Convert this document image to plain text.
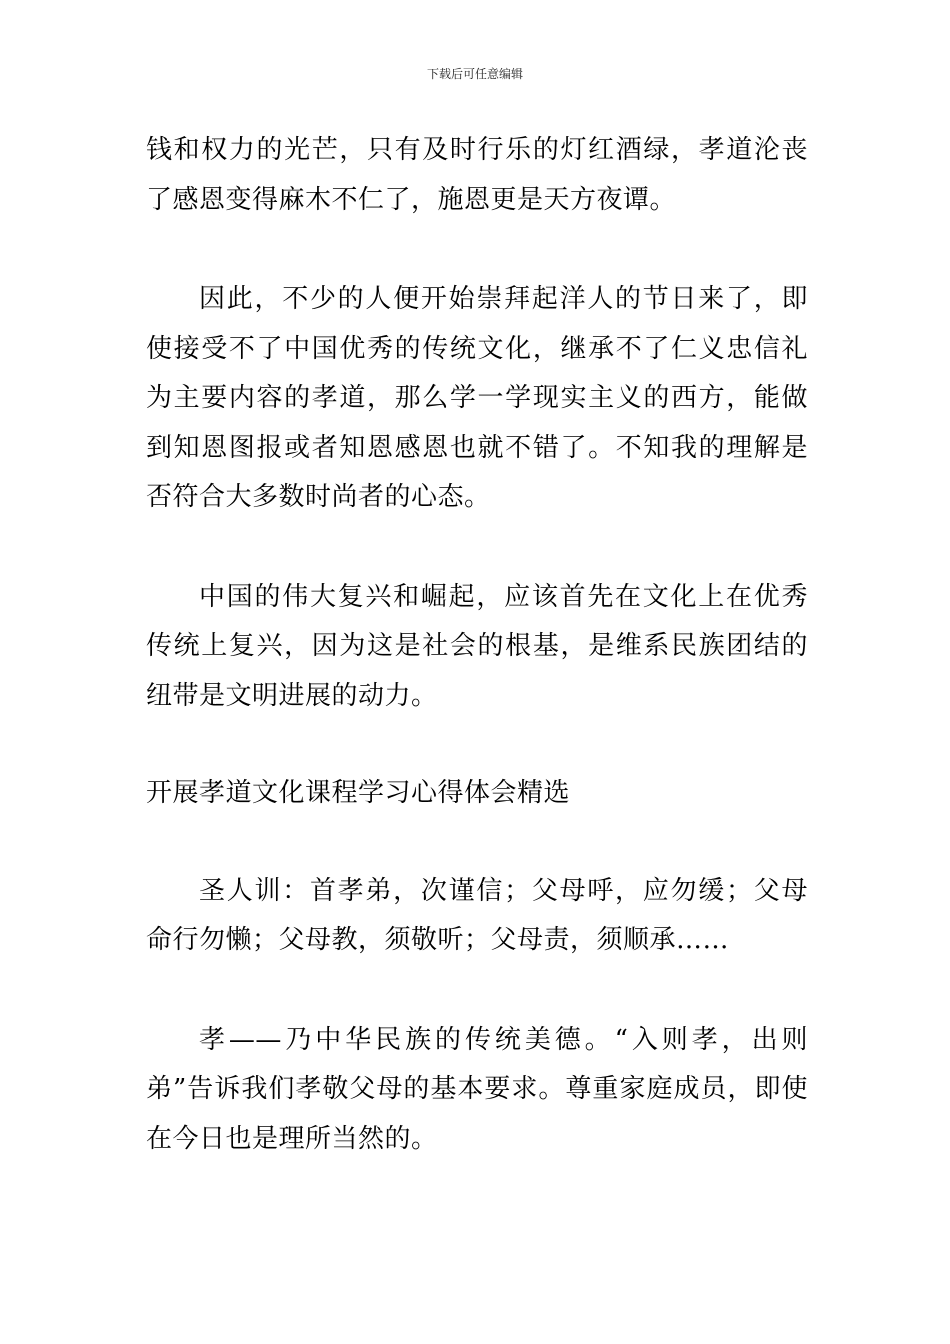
下载后可任意编辑

钱和权力的光芒，只有及时行乐的灯红酒绿，孝道沦丧了感恩变得麻木不仁了，施恩更是天方夜谭。

因此，不少的人便开始崇拜起洋人的节日来了，即使接受不了中国优秀的传统文化，继承不了仁义忠信礼为主要内容的孝道，那么学一学现实主义的西方，能做到知恩图报或者知恩感恩也就不错了。不知我的理解是否符合大多数时尚者的心态。

中国的伟大复兴和崛起，应该首先在文化上在优秀传统上复兴，因为这是社会的根基，是维系民族团结的纽带是文明进展的动力。

开展孝道文化课程学习心得体会精选

圣人训：首孝弟，次谨信；父母呼，应勿缓；父母命行勿懒；父母教，须敬听；父母责，须顺承……

孝——乃中华民族的传统美德。“入则孝，出则弟”告诉我们孝敬父母的基本要求。尊重家庭成员，即使在今日也是理所当然的。
